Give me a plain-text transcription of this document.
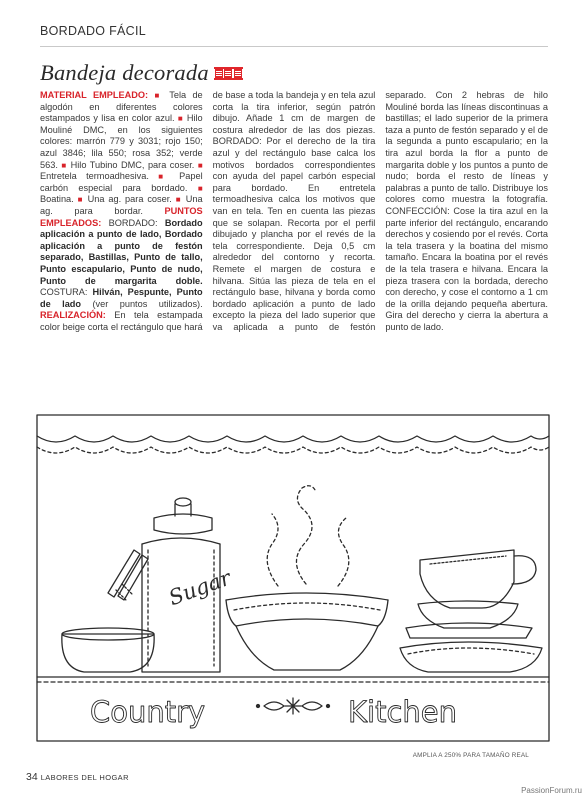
BORDADO FÁCIL
Bandeja decorada
MATERIAL EMPLEADO: ■ Tela de algodón en diferentes colores estampados y lisa en color azul. ■ Hilo Mouliné DMC, en los siguientes colores: marrón 779 y 3031; rojo 150; azul 3846; lila 550; rosa 352; verde 563. ■ Hilo Tubino DMC, para coser. ■ Entretela termoadhesiva. ■ Papel carbón especial para bordado. ■ Boatina. ■ Una ag. para coser. ■ Una ag. para bordar. PUNTOS EMPLEADOS: BORDADO: Bordado aplicación a punto de lado, Bordado aplicación a punto de festón separado, Bastillas, Punto de tallo, Punto escapulario, Punto de nudo, Punto de margarita doble. COSTURA: Hilván, Pespunte, Punto de lado (ver puntos utilizados). REALIZACIÓN: En tela estampada color beige corta el rectángulo que hará de base a toda la bandeja y en tela azul corta la tira inferior, según patrón dibujo. Añade 1 cm de margen de costura alrededor de las dos piezas. BORDADO: Por el derecho de la tira azul y del rectángulo base calca los motivos bordados correspondientes con ayuda del papel carbón especial para bordado. En entretela termoadhesiva calca los motivos que van en tela. Ten en cuenta las piezas que se solapan. Recorta por el perfil dibujado y plancha por el revés de la tela correspondiente. Deja 0,5 cm alrededor del contorno y recorta. Remete el margen de costura e hilvana. Sitúa las pieza de tela en el rectángulo base, hilvana y borda como bordado aplicación a punto de lado excepto la pieza del lado superior que va aplicada a punto de festón separado. Con 2 hebras de hilo Mouliné borda las líneas discontinuas a bastillas; el lado superior de la primera taza a punto de festón separado y el de la segunda a punto escapulario; en la tira azul borda la flor a punto de margarita doble y los puntos a punto de nudo; borda el resto de líneas y palabras a punto de tallo. Distribuye los colores como muestra la fotografía. CONFECCIÓN: Cose la tira azul en la parte inferior del rectángulo, encarando derechos y cosiendo por el revés. Corta la tela trasera y la boatina del mismo tamaño. Encara la boatina por el revés de la tela trasera e hilvana. Encara la pieza trasera con la bordada, derecho con derecho, y cose el contorno a 1 cm de la orilla dejando pequeña abertura. Gira del derecho y cierra la abertura a punto de lado.
Sugar
Country	Kitchen
AMPLIA A 250% PARA TAMAÑO REAL
34 LABORES DEL HOGAR
PassionForum.ru
